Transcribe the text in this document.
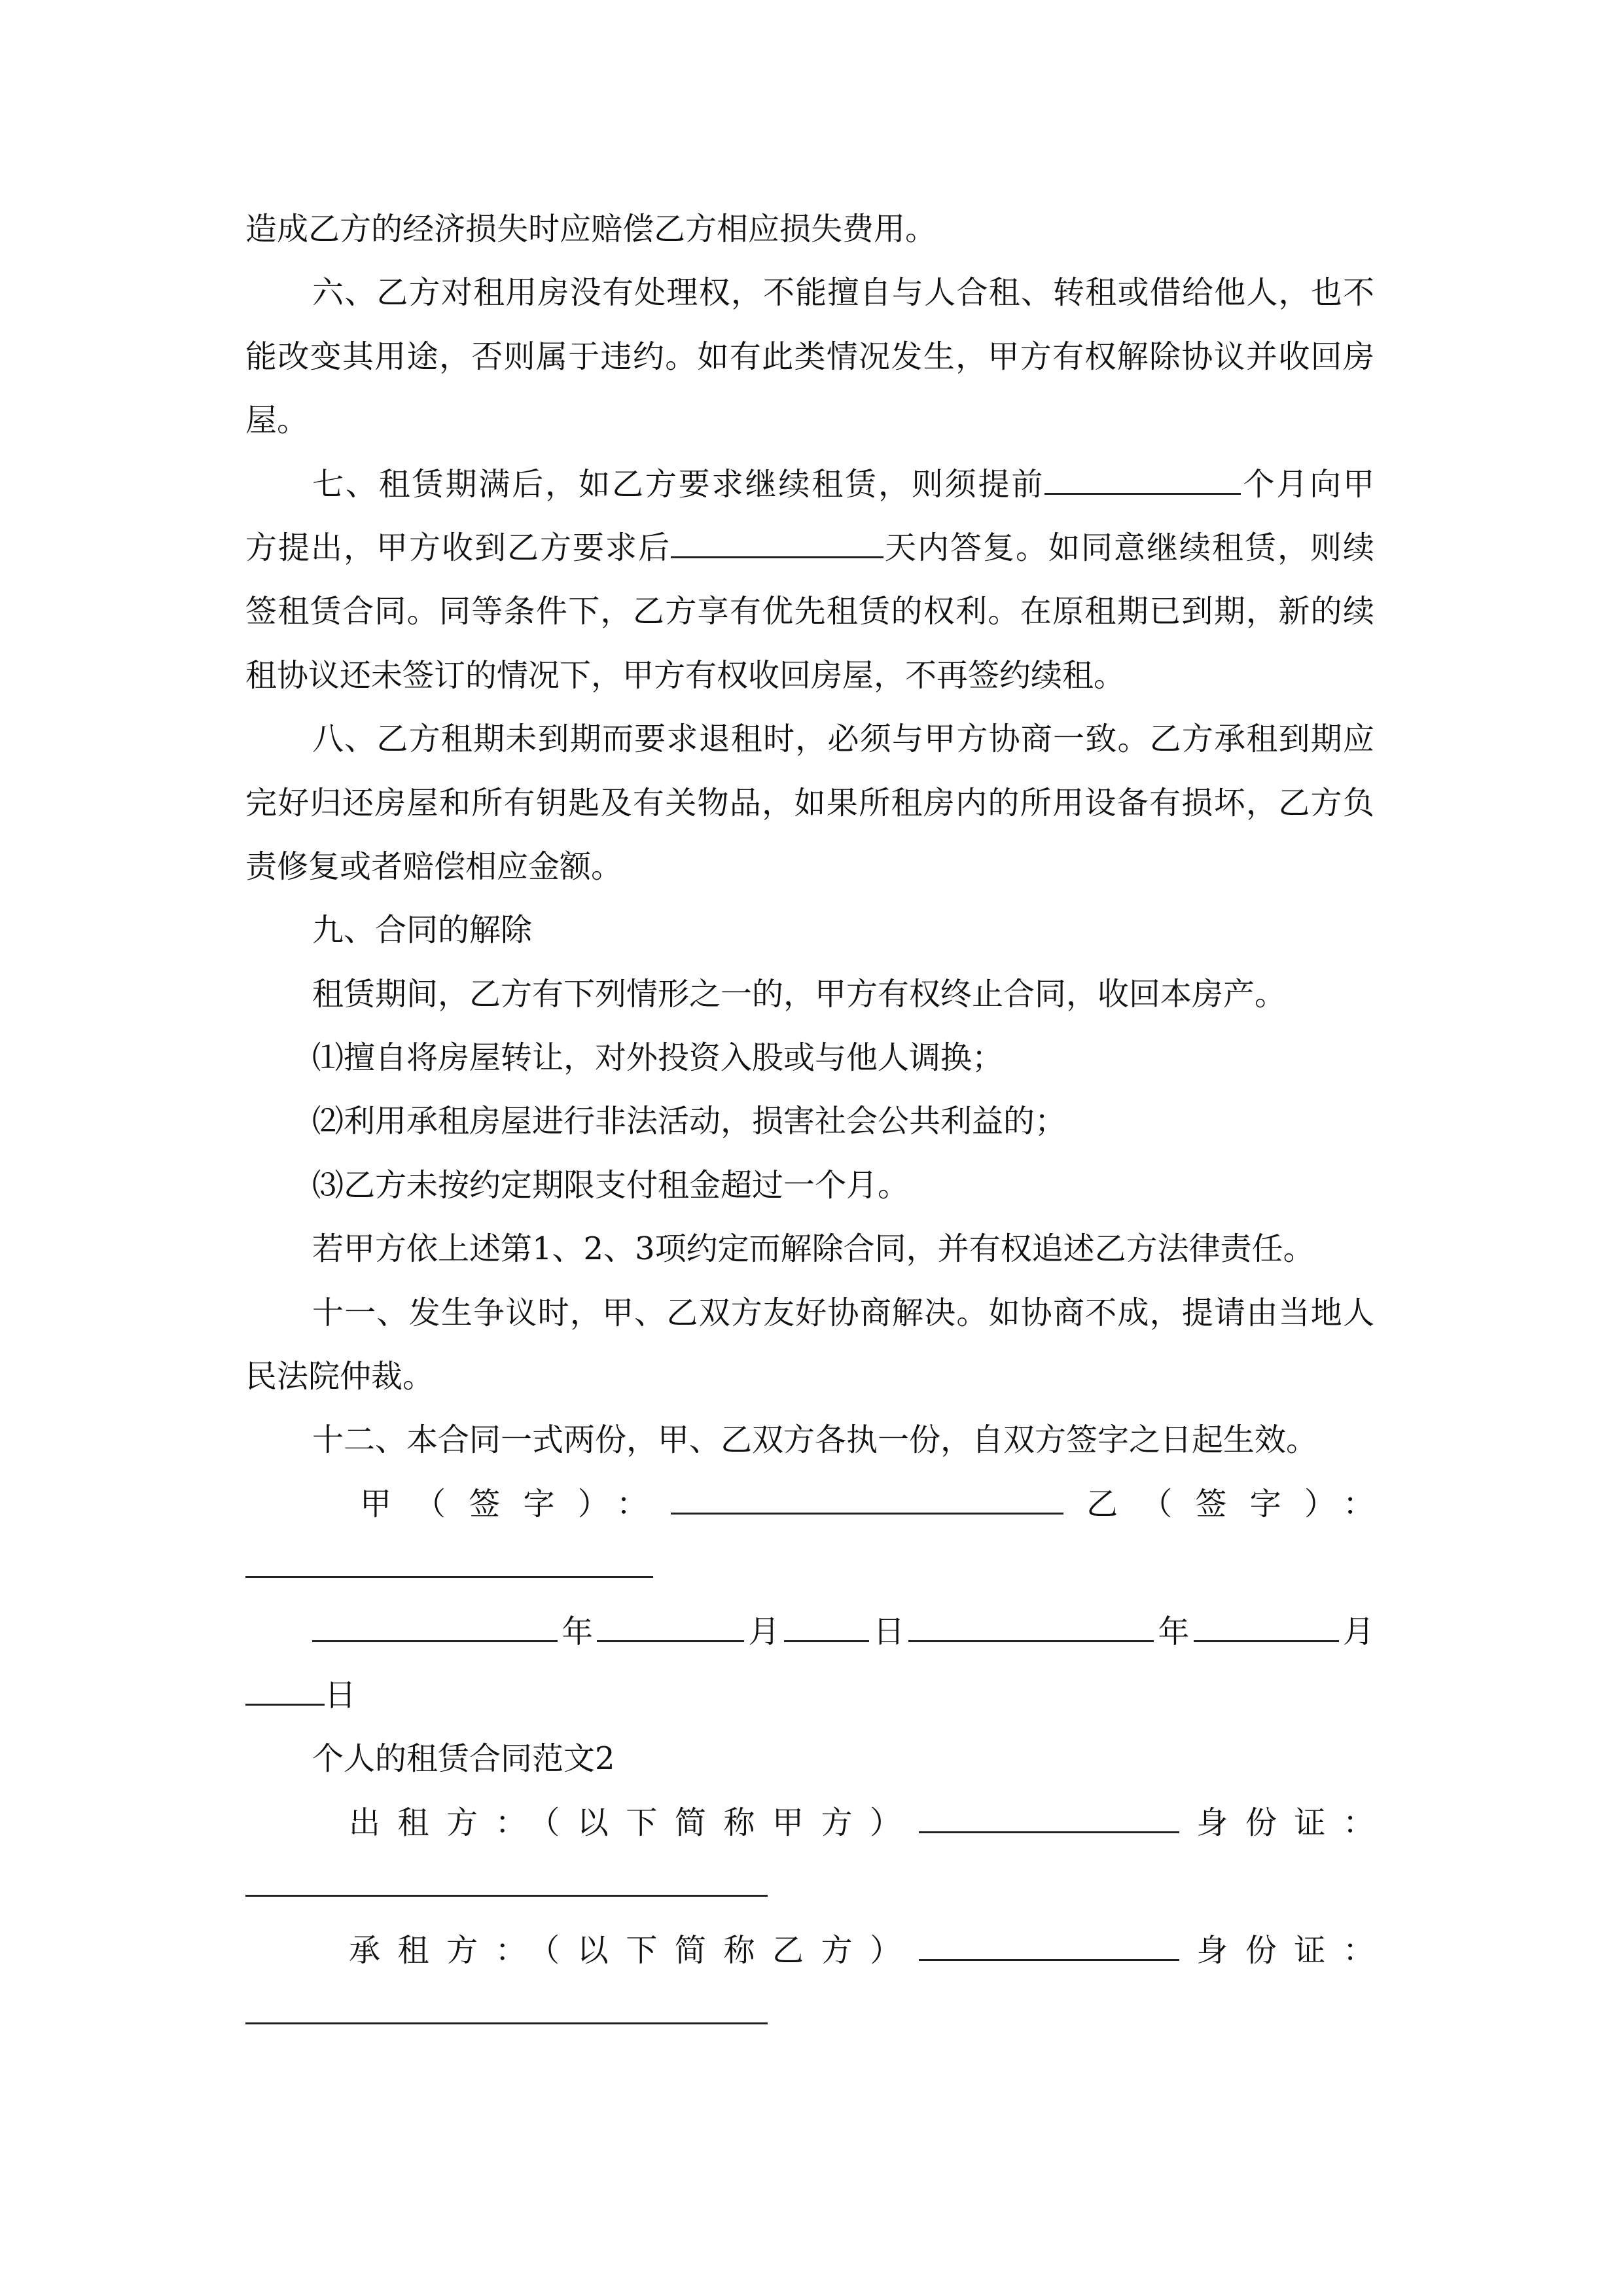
造成乙方的经济损失时应赔偿乙方相应损失费用。
六、乙方对租用房没有处理权，不能擅自与人合租、转租或借给他人，也不
能改变其用途，否则属于违约。如有此类情况发生，甲方有权解除协议并收回房
屋。
七、租赁期满后，如乙方要求继续租赁，则须提前	个月向甲
方提出，甲方收到乙方要求后	天内答复。如同意继续租赁，则续
签租赁合同。同等条件下，乙方享有优先租赁的权利。在原租期已到期，新的续
租协议还未签订的情况下，甲方有权收回房屋，不再签约续租。
八、乙方租期未到期而要求退租时，必须与甲方协商一致。乙方承租到期应
完好归还房屋和所有钥匙及有关物品，如果所租房内的所用设备有损坏，乙方负
责修复或者赔偿相应金额。
九、合同的解除
租赁期间，乙方有下列情形之一的，甲方有权终止合同，收回本房产。
⑴擅自将房屋转让，对外投资入股或与他人调换；
⑵利用承租房屋进行非法活动，损害社会公共利益的；
⑶乙方未按约定期限支付租金超过一个月。
若甲方依上述第1、2、3项约定而解除合同，并有权追述乙方法律责任。
十一、发生争议时，甲、乙双方友好协商解决。如协商不成，提请由当地人
民法院仲裁。
十二、本合同一式两份，甲、乙双方各执一份，自双方签字之日起生效。
甲（签字）：	乙（签字）：
年	月	日	年	月
日
个人的租赁合同范文2
出租方：（以下简称甲方）	身份证：
承租方：（以下简称乙方）	身份证：
